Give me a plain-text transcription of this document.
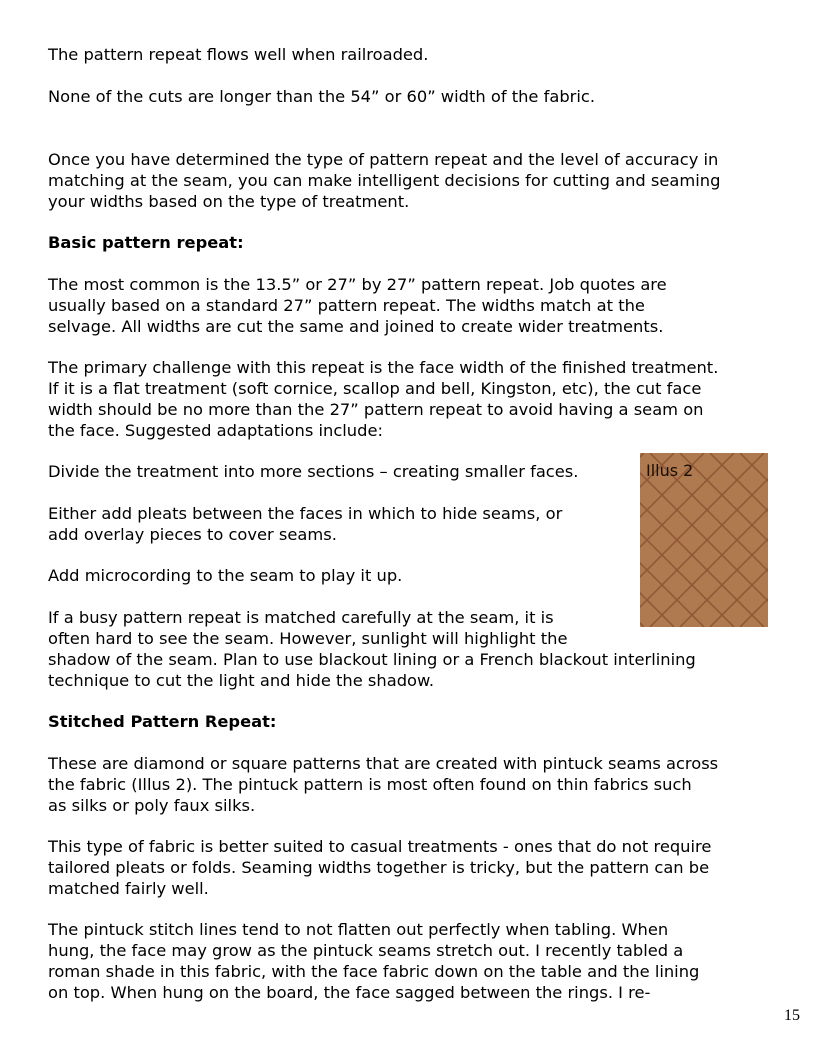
The pattern repeat flows well when railroaded.

None of the cuts are longer than the 54” or 60” width of the fabric.

Once you have determined the type of pattern repeat and the level of accuracy in

matching at the seam, you can make intelligent decisions for cutting and seaming

your widths based on the type of treatment.

Basic pattern repeat:

The most common is the 13.5” or 27” by 27” pattern repeat. Job quotes are

usually based on a standard 27” pattern repeat. The widths match at the

selvage. All widths are cut the same and joined to create wider treatments.

The primary challenge with this repeat is the face width of the finished treatment.

If it is a flat treatment (soft cornice, scallop and bell, Kingston, etc), the cut face

width should be no more than the 27” pattern repeat to avoid having a seam on

the face. Suggested adaptations include:

Divide the treatment into more sections – creating smaller faces.

Either add pleats between the faces in which to hide seams, or

add overlay pieces to cover seams.

Add microcording to the seam to play it up.

If a busy pattern repeat is matched carefully at the seam, it is

often hard to see the seam. However, sunlight will highlight the

shadow of the seam. Plan to use blackout lining or a French blackout interlining

technique to cut the light and hide the shadow.

Stitched Pattern Repeat:

These are diamond or square patterns that are created with pintuck seams across

the fabric (Illus 2). The pintuck pattern is most often found on thin fabrics such

as silks or poly faux silks.

This type of fabric is better suited to casual treatments - ones that do not require

tailored pleats or folds. Seaming widths together is tricky, but the pattern can be

matched fairly well.

The pintuck stitch lines tend to not flatten out perfectly when tabling. When

hung, the face may grow as the pintuck seams stretch out. I recently tabled a

roman shade in this fabric, with the face fabric down on the table and the lining

on top. When hung on the board, the face sagged between the rings. I re-

Illus 2
15
